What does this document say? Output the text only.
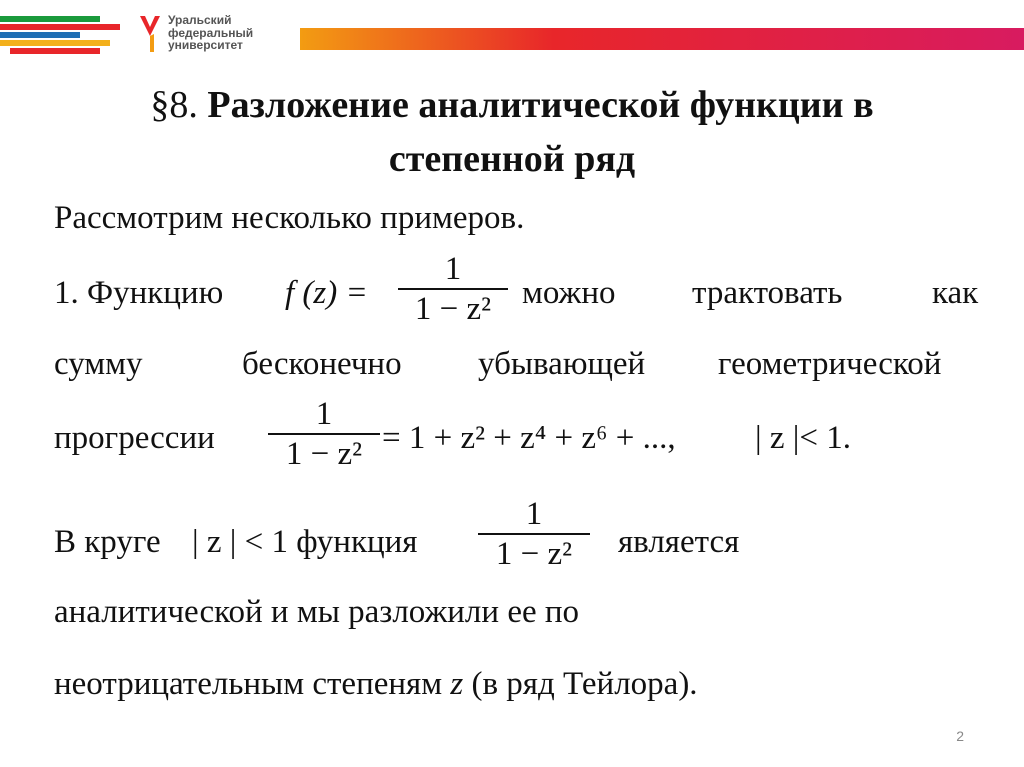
Уральский
федеральный
университет
§8. Разложение аналитической функции в
степенной ряд
Рассмотрим несколько примеров.
1. Функцию f (z) =
1
1 − z² можно трактовать	как
сумму	бесконечно убывающей геометрической
прогрессии
1
1 − z² = 1 + z² + z⁴ + z⁶ + ..., | z |< 1.
В круге | z | < 1 функция
1
1 − z²	является
аналитической и мы разложили ее по
неотрицательным степеням z (в ряд Тейлора).
2
